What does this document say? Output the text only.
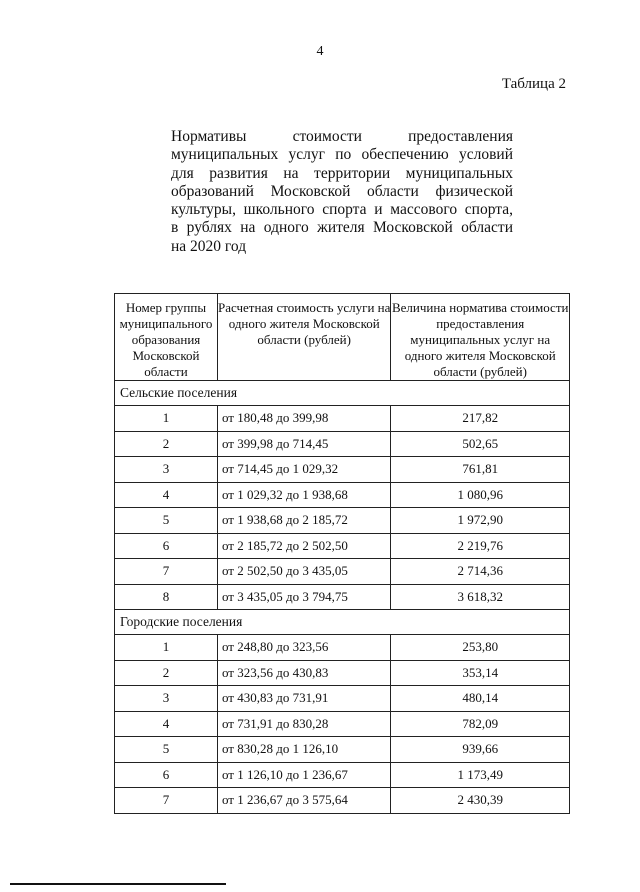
4
Таблица 2
Нормативы стоимости предоставления
муниципальных услуг по обеспечению условий
для развития на территории муниципальных
образований Московской области физической
культуры, школьного спорта и массового спорта,
в рублях на одного жителя Московской области
на 2020 год
Номер группы муниципального образования Московской области	Расчетная стоимость услуги на одного жителя Московской области (рублей)	Величина норматива стоимости предоставления муниципальных услуг на одного жителя Московской области (рублей)
Сельские поселения		
1	от 180,48 до 399,98	217,82
2	от 399,98 до 714,45	502,65
3	от 714,45 до 1 029,32	761,81
4	от 1 029,32 до 1 938,68	1 080,96
5	от 1 938,68 до 2 185,72	1 972,90
6	от 2 185,72 до 2 502,50	2 219,76
7	от 2 502,50 до 3 435,05	2 714,36
8	от 3 435,05 до 3 794,75	3 618,32
Городские поселения		
1	от 248,80 до 323,56	253,80
2	от 323,56 до 430,83	353,14
3	от 430,83 до 731,91	480,14
4	от 731,91 до 830,28	782,09
5	от 830,28 до 1 126,10	939,66
6	от 1 126,10 до 1 236,67	1 173,49
7	от 1 236,67 до 3 575,64	2 430,39
